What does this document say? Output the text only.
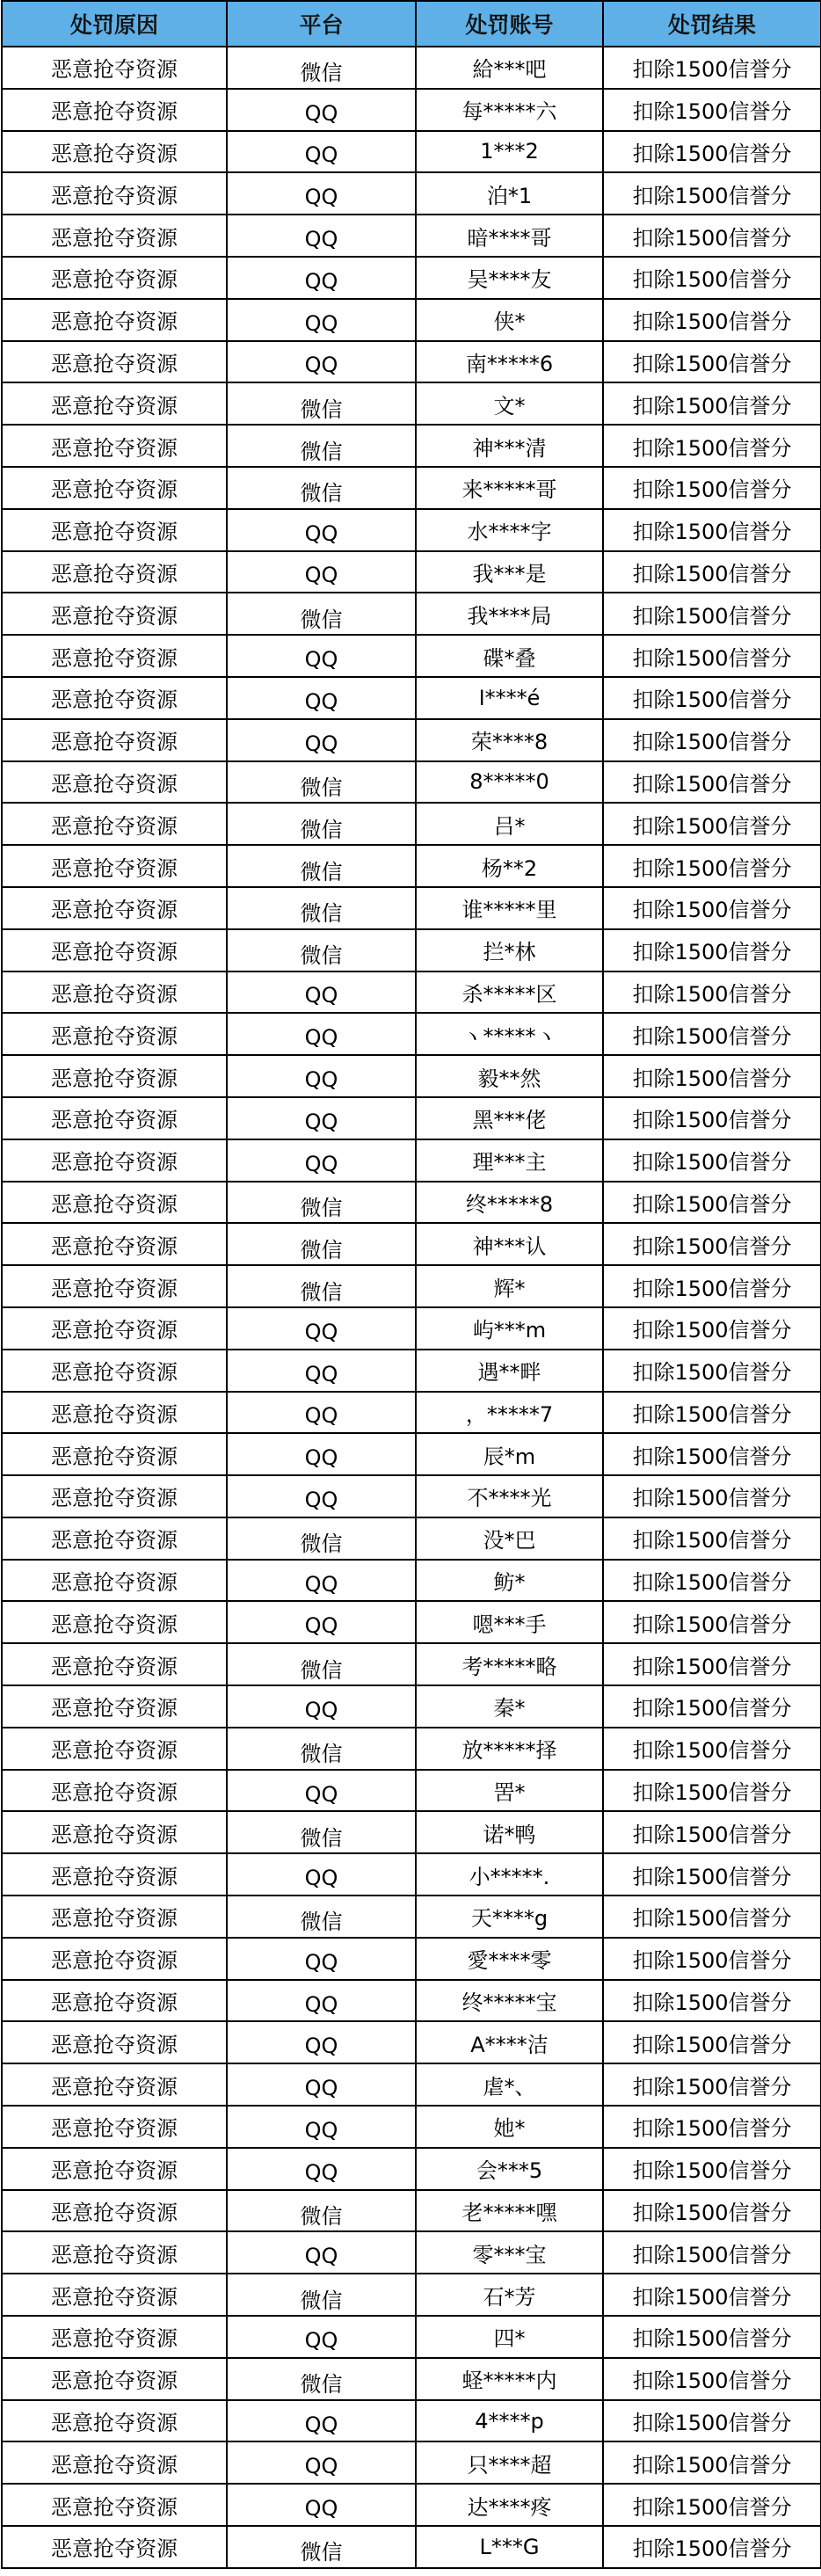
处罚原因	平台	处罚账号	处罚结果
恶意抢夺资源	微信	給***吧	扣除1500信誉分
恶意抢夺资源	QQ	每*****六	扣除1500信誉分
恶意抢夺资源	QQ	1***2	扣除1500信誉分
恶意抢夺资源	QQ	泊*1	扣除1500信誉分
恶意抢夺资源	QQ	暗****哥	扣除1500信誉分
恶意抢夺资源	QQ	吴****友	扣除1500信誉分
恶意抢夺资源	QQ	侠*	扣除1500信誉分
恶意抢夺资源	QQ	南*****6	扣除1500信誉分
恶意抢夺资源	微信	文*	扣除1500信誉分
恶意抢夺资源	微信	神***清	扣除1500信誉分
恶意抢夺资源	微信	来*****哥	扣除1500信誉分
恶意抢夺资源	QQ	水****字	扣除1500信誉分
恶意抢夺资源	QQ	我***是	扣除1500信誉分
恶意抢夺资源	微信	我****局	扣除1500信誉分
恶意抢夺资源	QQ	碟*叠	扣除1500信誉分
恶意抢夺资源	QQ	I****é	扣除1500信誉分
恶意抢夺资源	QQ	荣****8	扣除1500信誉分
恶意抢夺资源	微信	8*****0	扣除1500信誉分
恶意抢夺资源	微信	吕*	扣除1500信誉分
恶意抢夺资源	微信	杨**2	扣除1500信誉分
恶意抢夺资源	微信	谁*****里	扣除1500信誉分
恶意抢夺资源	微信	拦*林	扣除1500信誉分
恶意抢夺资源	QQ	杀*****区	扣除1500信誉分
恶意抢夺资源	QQ	ヽ*****ヽ	扣除1500信誉分
恶意抢夺资源	QQ	毅**然	扣除1500信誉分
恶意抢夺资源	QQ	黑***佬	扣除1500信誉分
恶意抢夺资源	QQ	理***主	扣除1500信誉分
恶意抢夺资源	微信	终*****8	扣除1500信誉分
恶意抢夺资源	微信	神***认	扣除1500信誉分
恶意抢夺资源	微信	辉*	扣除1500信誉分
恶意抢夺资源	QQ	屿***m	扣除1500信誉分
恶意抢夺资源	QQ	遇**畔	扣除1500信誉分
恶意抢夺资源	QQ	，*****7	扣除1500信誉分
恶意抢夺资源	QQ	辰*m	扣除1500信誉分
恶意抢夺资源	QQ	不****光	扣除1500信誉分
恶意抢夺资源	微信	没*巴	扣除1500信誉分
恶意抢夺资源	QQ	鲂*	扣除1500信誉分
恶意抢夺资源	QQ	嗯***手	扣除1500信誉分
恶意抢夺资源	微信	考*****略	扣除1500信誉分
恶意抢夺资源	QQ	秦*	扣除1500信誉分
恶意抢夺资源	微信	放*****择	扣除1500信誉分
恶意抢夺资源	QQ	罟*	扣除1500信誉分
恶意抢夺资源	微信	诺*鸭	扣除1500信誉分
恶意抢夺资源	QQ	小*****.	扣除1500信誉分
恶意抢夺资源	微信	天****g	扣除1500信誉分
恶意抢夺资源	QQ	愛****零	扣除1500信誉分
恶意抢夺资源	QQ	终*****宝	扣除1500信誉分
恶意抢夺资源	QQ	A****洁	扣除1500信誉分
恶意抢夺资源	QQ	虐*、	扣除1500信誉分
恶意抢夺资源	QQ	她*	扣除1500信誉分
恶意抢夺资源	QQ	会***5	扣除1500信誉分
恶意抢夺资源	微信	老*****嘿	扣除1500信誉分
恶意抢夺资源	QQ	零***宝	扣除1500信誉分
恶意抢夺资源	微信	石*芳	扣除1500信誉分
恶意抢夺资源	QQ	四*	扣除1500信誉分
恶意抢夺资源	微信	蛏*****内	扣除1500信誉分
恶意抢夺资源	QQ	4****p	扣除1500信誉分
恶意抢夺资源	QQ	只****超	扣除1500信誉分
恶意抢夺资源	QQ	达****疼	扣除1500信誉分
恶意抢夺资源	微信	L***G	扣除1500信誉分
